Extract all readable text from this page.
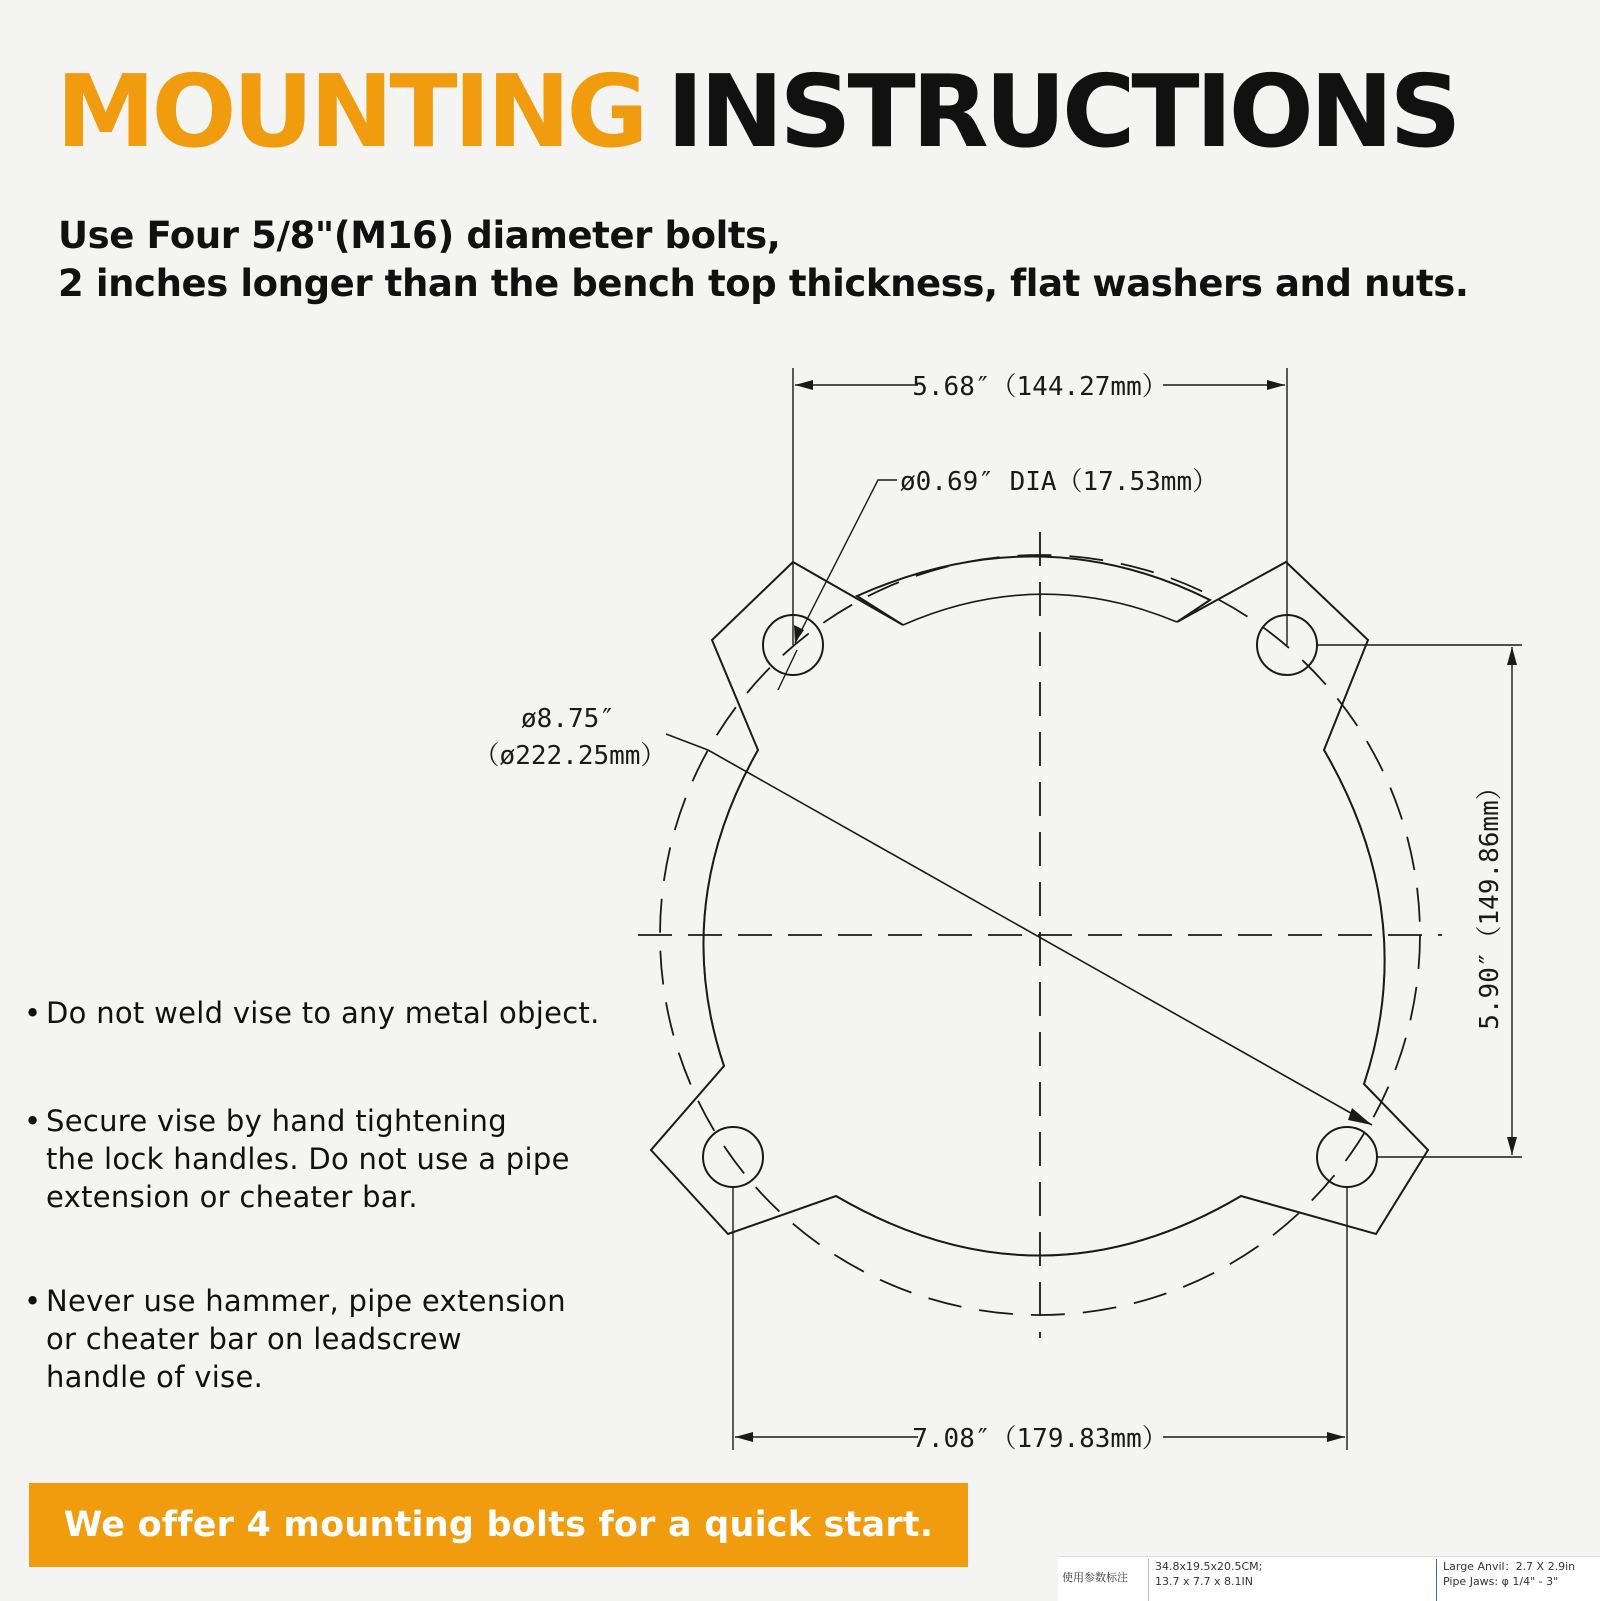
MOUNTING INSTRUCTIONS
Use Four 5/8"(M16) diameter bolts,
2 inches longer than the bench top thickness, flat washers and nuts.
5.68″（144.27mm）
ø0.69″ DIA（17.53mm）
ø8.75″
（ø222.25mm）
5.90″（149.86mm）
7.08″（179.83mm）
• Do not weld vise to any metal object.
• Secure vise by hand tightening
the lock handles. Do not use a pipe
extension or cheater bar.
• Never use hammer, pipe extension
or cheater bar on leadscrew
handle of vise.
We offer 4 mounting bolts for a quick start.
使用参数标注
34.8x19.5x20.5CM;
13.7 x 7.7 x 8.1IN
Large Anvil：2.7 X 2.9in
Pipe Jaws: φ 1/4" - 3"
